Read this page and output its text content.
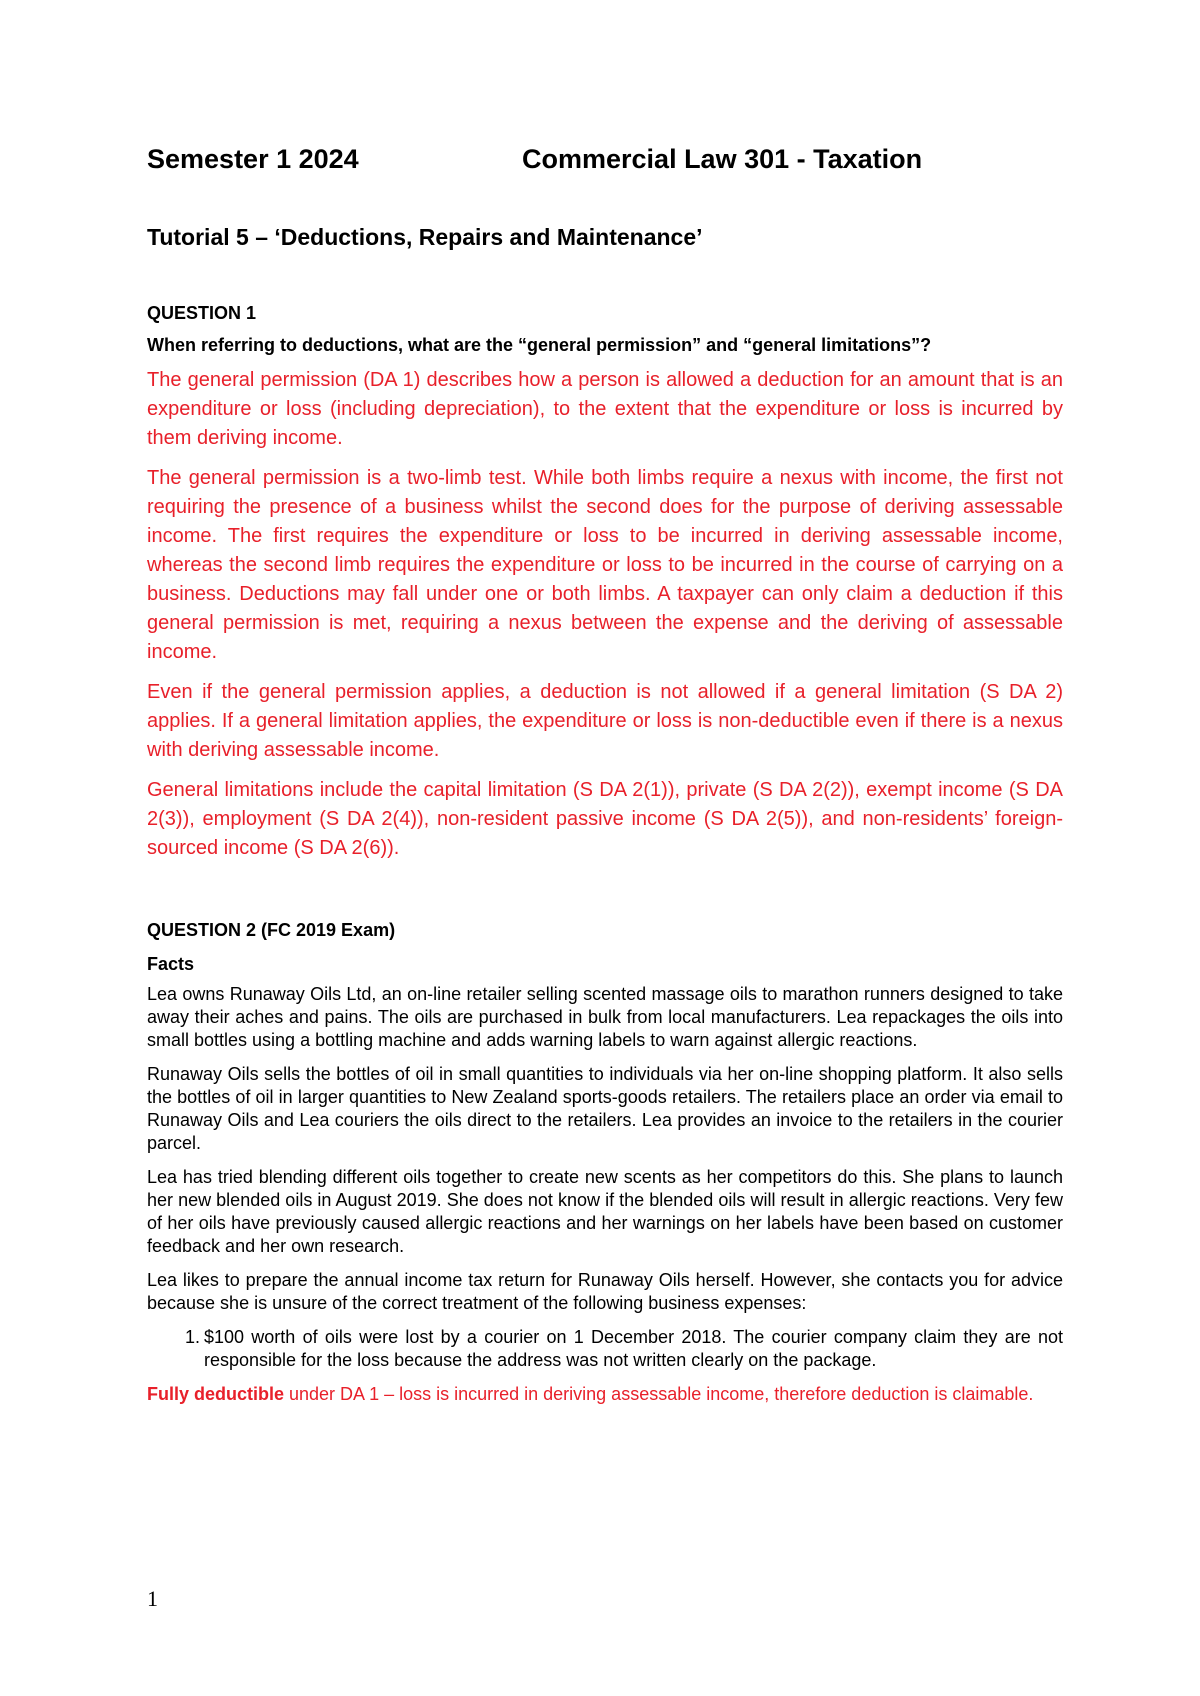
Semester 1 2024	Commercial Law 301 - Taxation
Tutorial 5 – ‘Deductions, Repairs and Maintenance’
QUESTION 1
When referring to deductions, what are the “general permission” and “general limitations”?

The general permission (DA 1) describes how a person is allowed a deduction for an amount that is an expenditure or loss (including depreciation), to the extent that the expenditure or loss is incurred by them deriving income.

The general permission is a two-limb test. While both limbs require a nexus with income, the first not requiring the presence of a business whilst the second does for the purpose of deriving assessable income. The first requires the expenditure or loss to be incurred in deriving assessable income, whereas the second limb requires the expenditure or loss to be incurred in the course of carrying on a business. Deductions may fall under one or both limbs. A taxpayer can only claim a deduction if this general permission is met, requiring a nexus between the expense and the deriving of assessable income.

Even if the general permission applies, a deduction is not allowed if a general limitation (S DA 2) applies. If a general limitation applies, the expenditure or loss is non-deductible even if there is a nexus with deriving assessable income.

General limitations include the capital limitation (S DA 2(1)), private (S DA 2(2)), exempt income (S DA 2(3)), employment (S DA 2(4)), non-resident passive income (S DA 2(5)), and non-residents’ foreign-sourced income (S DA 2(6)).

QUESTION 2 (FC 2019 Exam)
Facts

Lea owns Runaway Oils Ltd, an on-line retailer selling scented massage oils to marathon runners designed to take away their aches and pains. The oils are purchased in bulk from local manufacturers. Lea repackages the oils into small bottles using a bottling machine and adds warning labels to warn against allergic reactions.

Runaway Oils sells the bottles of oil in small quantities to individuals via her on-line shopping platform. It also sells the bottles of oil in larger quantities to New Zealand sports-goods retailers. The retailers place an order via email to Runaway Oils and Lea couriers the oils direct to the retailers. Lea provides an invoice to the retailers in the courier parcel.

Lea has tried blending different oils together to create new scents as her competitors do this. She plans to launch her new blended oils in August 2019. She does not know if the blended oils will result in allergic reactions. Very few of her oils have previously caused allergic reactions and her warnings on her labels have been based on customer feedback and her own research.

Lea likes to prepare the annual income tax return for Runaway Oils herself. However, she contacts you for advice because she is unsure of the correct treatment of the following business expenses:

1. $100 worth of oils were lost by a courier on 1 December 2018. The courier company claim they are not responsible for the loss because the address was not written clearly on the package.

Fully deductible under DA 1 – loss is incurred in deriving assessable income, therefore deduction is claimable.

1
